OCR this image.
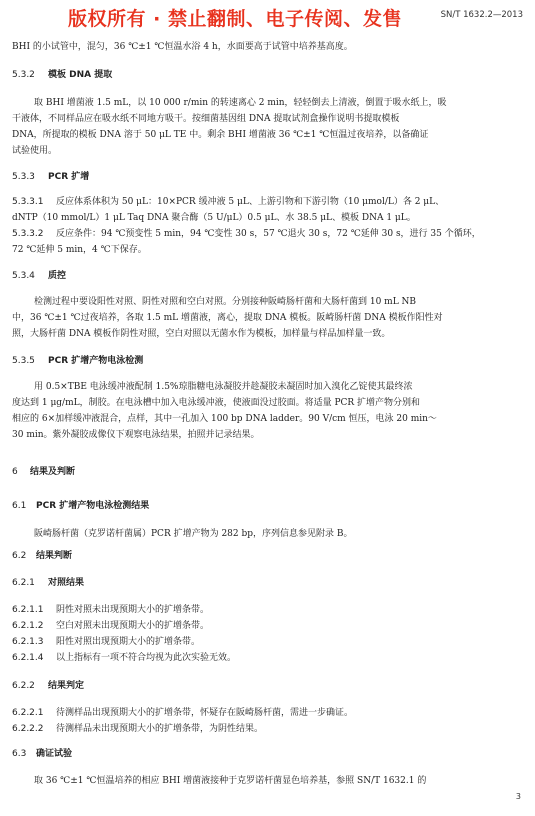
版权所有 · 禁止翻制、电子传阅、发售	SN/T 1632.2—2013
BHI 的小试管中，混匀，36 ℃±1 ℃恒温水浴 4 h，水面要高于试管中培养基高度。
5.3.2 模板 DNA 提取
取 BHI 增菌液 1.5 mL，以 10 000 r/min 的转速离心 2 min，轻轻倒去上清液，倒置于吸水纸上，吸
干液体，不同样品应在吸水纸不同地方吸干。按细菌基因组 DNA 提取试剂盒操作说明书提取模板
DNA，所提取的模板 DNA 溶于 50 μL TE 中。剩余 BHI 增菌液 36 ℃±1 ℃恒温过夜培养，以备确证
试验使用。
5.3.3 PCR 扩增
5.3.3.1 反应体系体积为 50 μL：10×PCR 缓冲液 5 μL、上游引物和下游引物（10 μmol/L）各 2 μL、
dNTP（10 mmol/L）1 μL Taq DNA 聚合酶（5 U/μL）0.5 μL、水 38.5 μL、模板 DNA 1 μL。
5.3.3.2 反应条件：94 ℃预变性 5 min，94 ℃变性 30 s，57 ℃退火 30 s，72 ℃延伸 30 s，进行 35 个循环，
72 ℃延伸 5 min，4 ℃下保存。
5.3.4 质控
检测过程中要设阳性对照、阴性对照和空白对照。分别接种阪崎肠杆菌和大肠杆菌到 10 mL NB
中，36 ℃±1 ℃过夜培养，各取 1.5 mL 增菌液，离心，提取 DNA 模板。阪崎肠杆菌 DNA 模板作阳性对
照，大肠杆菌 DNA 模板作阴性对照，空白对照以无菌水作为模板，加样量与样品加样量一致。
5.3.5 PCR 扩增产物电泳检测
用 0.5×TBE 电泳缓冲液配制 1.5%琼脂糖电泳凝胶并趁凝胶未凝固时加入溴化乙锭使其最终浓
度达到 1 μg/mL，制胶。在电泳槽中加入电泳缓冲液，使液面没过胶面。将适量 PCR 扩增产物分别和
相应的 6×加样缓冲液混合，点样，其中一孔加入 100 bp DNA ladder。90 V/cm 恒压，电泳 20 min～
30 min。紫外凝胶成像仪下观察电泳结果，拍照并记录结果。
6 结果及判断
6.1 PCR 扩增产物电泳检测结果
阪崎肠杆菌（克罗诺杆菌属）PCR 扩增产物为 282 bp，序列信息参见附录 B。
6.2 结果判断
6.2.1 对照结果
6.2.1.1 阴性对照未出现预期大小的扩增条带。
6.2.1.2 空白对照未出现预期大小的扩增条带。
6.2.1.3 阳性对照出现预期大小的扩增条带。
6.2.1.4 以上指标有一项不符合均视为此次实验无效。
6.2.2 结果判定
6.2.2.1 待测样品出现预期大小的扩增条带，怀疑存在阪崎肠杆菌，需进一步确证。
6.2.2.2 待测样品未出现预期大小的扩增条带，为阴性结果。
6.3 确证试验
取 36 ℃±1 ℃恒温培养的相应 BHI 增菌液接种于克罗诺杆菌显色培养基，参照 SN/T 1632.1 的
3
